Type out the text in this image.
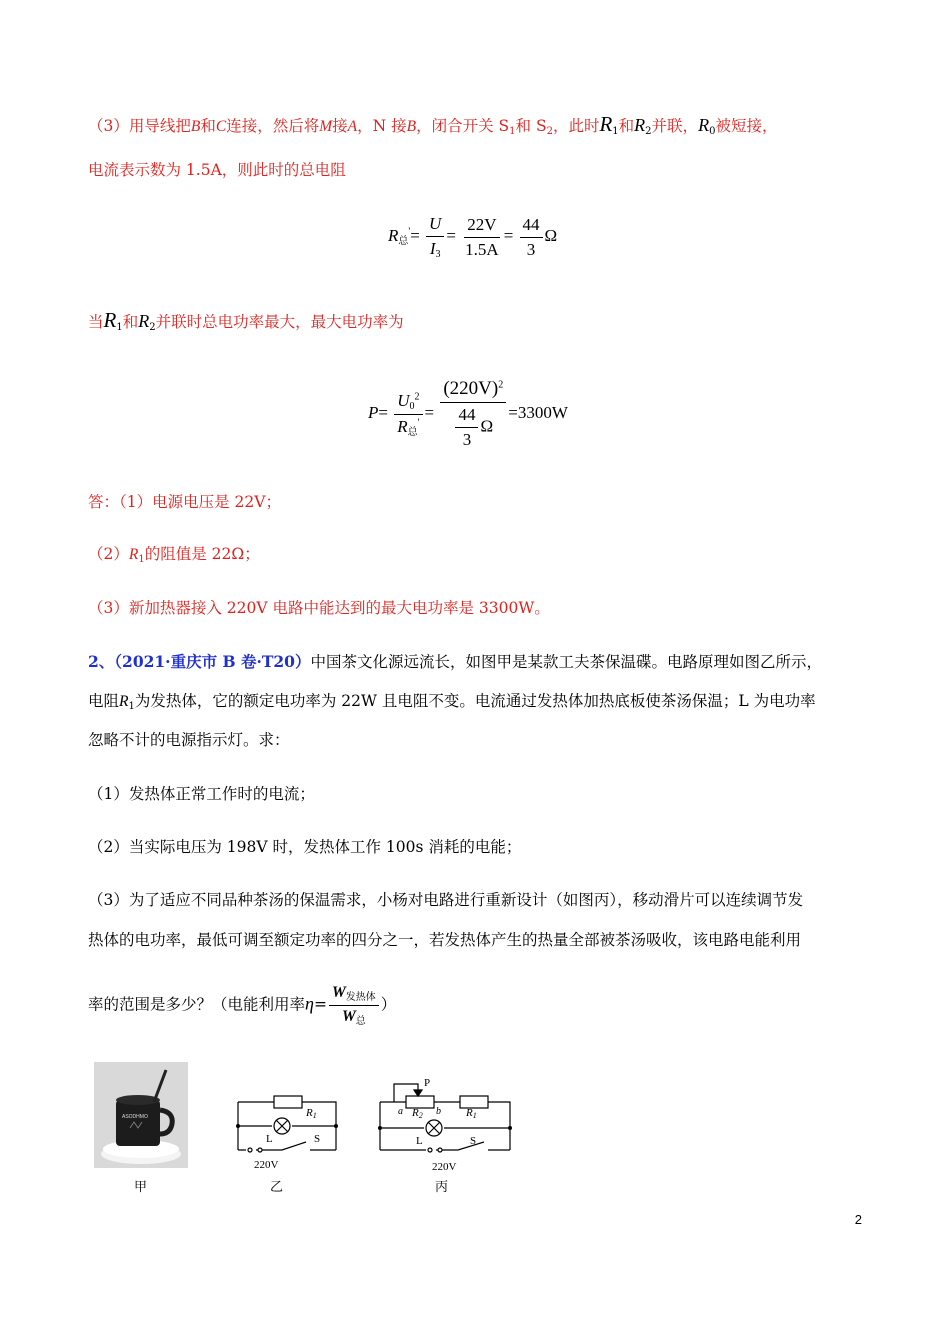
（3）用导线把B和C连接，然后将M接A，N 接B，闭合开关 $S_1$和 $S_2$，此时$R_1$和$R_2$并联，$R_0$被短接，
电流表示数为 1.5A，则此时的总电阻
$R_总'= \frac{U}{I_3} = \frac{22V}{1.5A} = \frac{44}{3}$ Ω
当$R_1$和$R_2$并联时总电功率最大，最大电功率为
$P= \frac{U_0^2}{R_总'} = \frac{(220V)^2}{\frac{44}{3} \Omega} =3300W$
答：（1）电源电压是 22V；
$(2)R_1$的阻值是 22Ω；
（3）新加热器接入 220V 电路中能达到的最大电功率是 3300W。
2、（2021·重庆市 B 卷·T20）中国茶文化源远流长，如图甲是某款工夫茶保温碟。电路原理如图乙所示，
电阻$R_1$为发热体，它的额定电功率为 22W 且电阻不变。电流通过发热体加热底板使茶汤保温；L 为电功率
忽略不计的电源指示灯。求：
（1）发热体正常工作时的电流；
（2）当实际电压为 198V 时，发热体工作 100s 消耗的电能；
（3）为了适应不同品种茶汤的保温需求，小杨对电路进行重新设计（如图丙），移动滑片可以连续调节发
热体的电功率，最低可调至额定功率的四分之一，若发热体产生的热量全部被茶汤吸收，该电路电能利用
率的范围是多少？（电能利用率$\eta= \frac{W_{发热体}}{W_总}$ ）
ASODHMO
甲
R1
L	S
220V
乙
P
a R2 b R1
L	S
220V
丙
2
